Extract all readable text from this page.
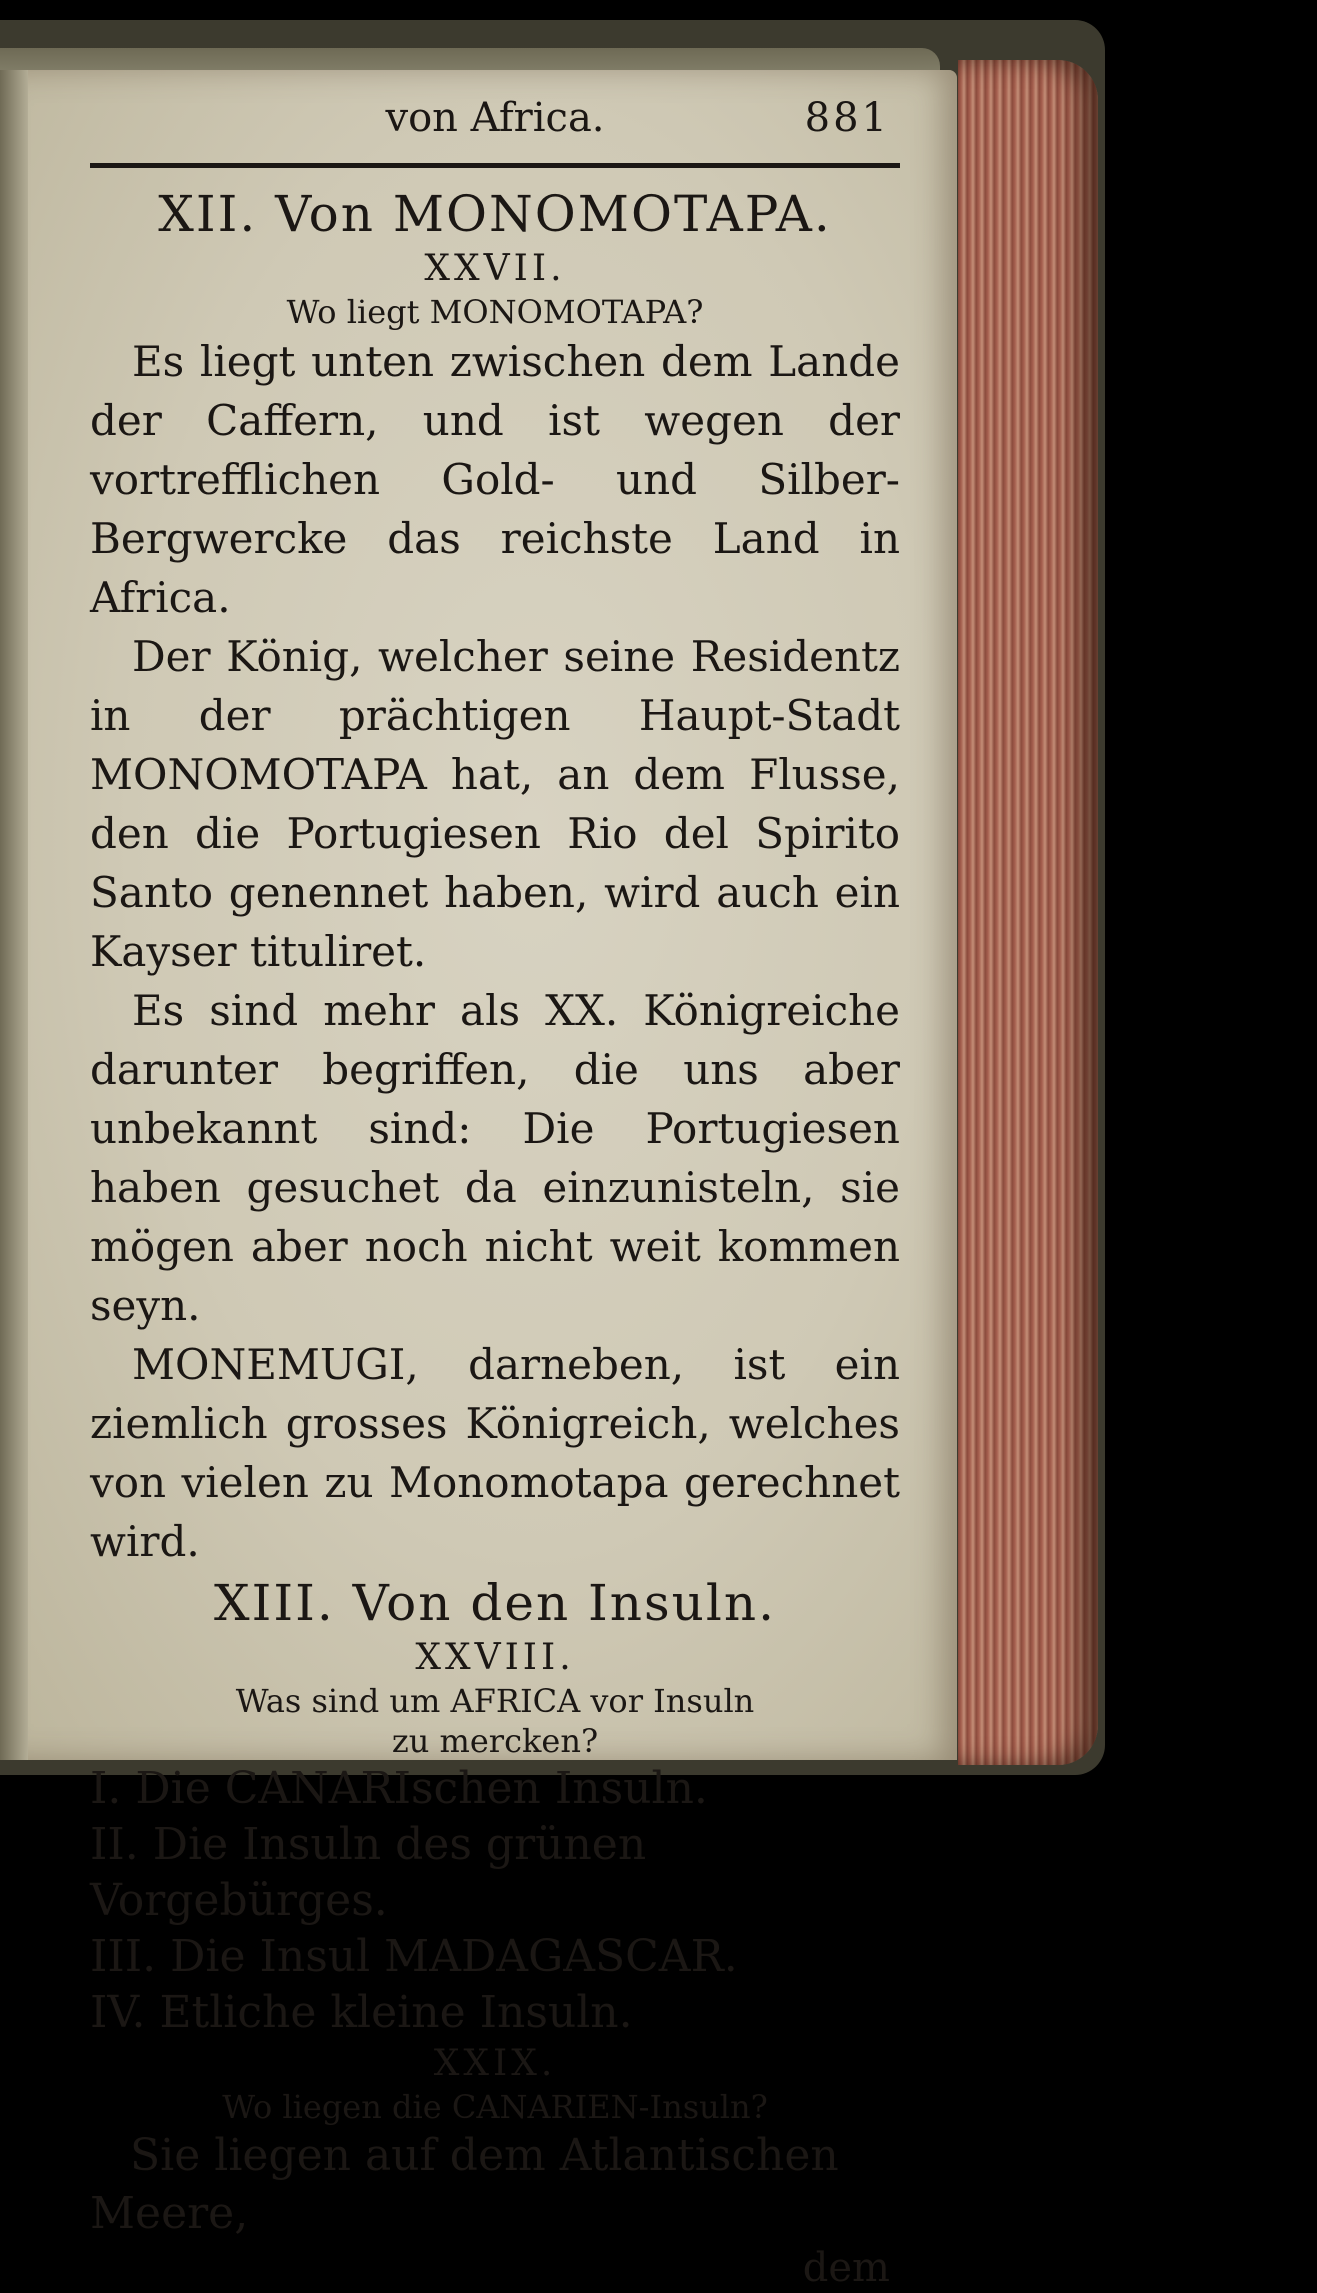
von Africa.	881

XII. Von MONOMOTAPA.

XXVII.

Wo liegt MONOMOTAPA?

Es liegt unten zwischen dem Lande der Caffern, und ist wegen der vortrefflichen Gold- und Silber-Bergwercke das reichste Land in Africa.

Der König, welcher seine Residentz in der prächtigen Haupt-Stadt MONOMOTAPA hat, an dem Flusse, den die Portugiesen Rio del Spirito Santo genennet haben, wird auch ein Kayser tituliret.

Es sind mehr als XX. Königreiche darunter begriffen, die uns aber unbekannt sind: Die Portugiesen haben gesuchet da einzunisteln, sie mögen aber noch nicht weit kommen seyn.

MONEMUGI, darneben, ist ein ziemlich grosses Königreich, welches von vielen zu Monomotapa gerechnet wird.

XIII. Von den Insuln.

XXVIII.

Was sind um AFRICA vor Insuln

zu mercken?

I. Die CANARIschen Insuln.
II. Die Insuln des grünen Vorgebürges.
III. Die Insul MADAGASCAR.
IV. Etliche kleine Insuln.

XXIX.

Wo liegen die CANARIEN-Insuln?

Sie liegen auf dem Atlantischen Meere,

dem
